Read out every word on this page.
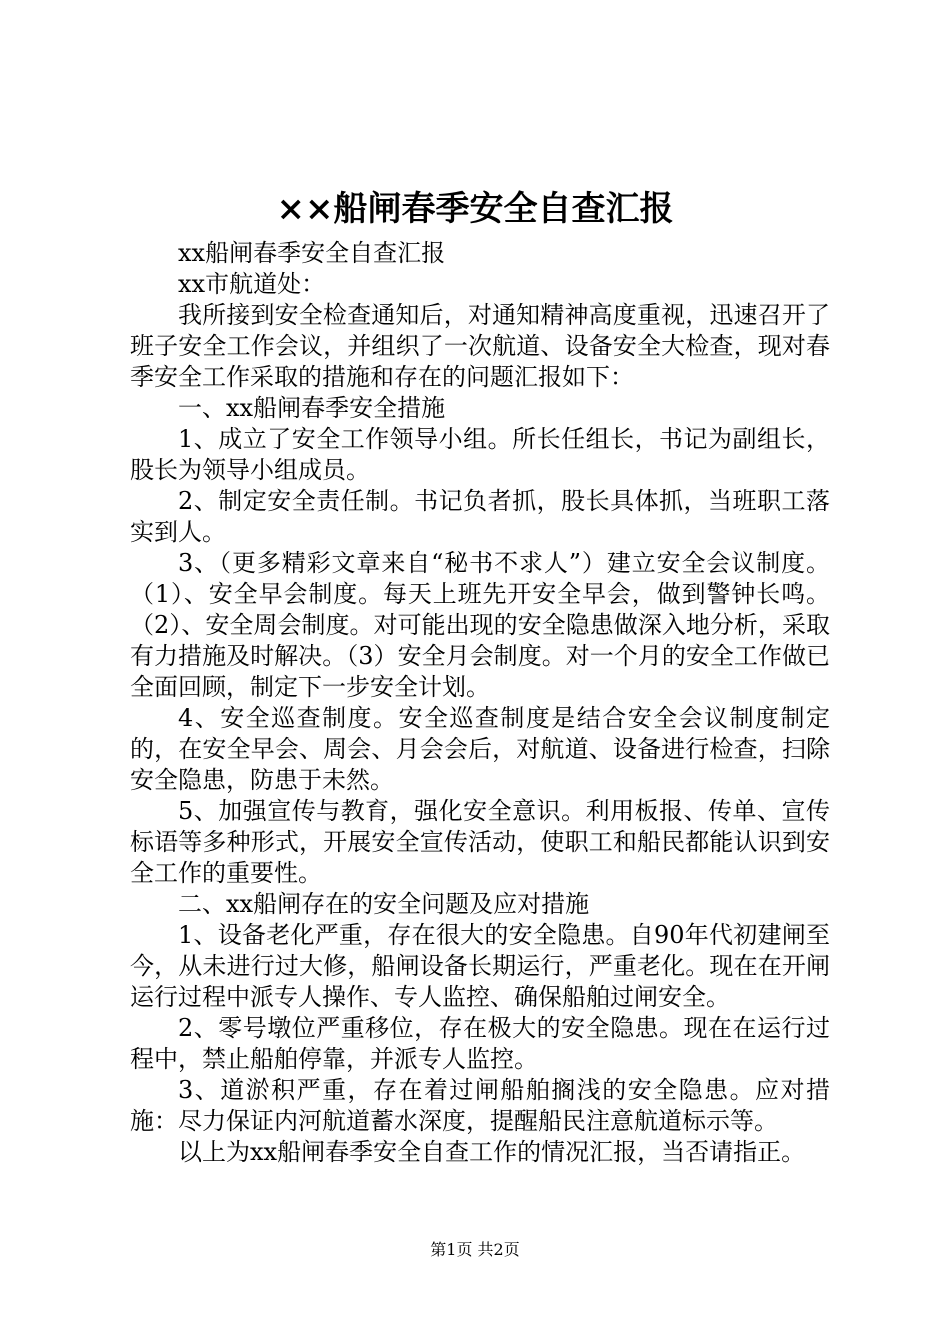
××船闸春季安全自查汇报

xx船闸春季安全自查汇报

xx市航道处：

我所接到安全检查通知后，对通知精神高度重视，迅速召开了班子安全工作会议，并组织了一次航道、设备安全大检查，现对春季安全工作采取的措施和存在的问题汇报如下：

一、xx船闸春季安全措施

1、成立了安全工作领导小组。所长任组长，书记为副组长，股长为领导小组成员。

2、制定安全责任制。书记负者抓，股长具体抓，当班职工落实到人。

3、（更多精彩文章来自“秘书不求人”）建立安全会议制度。（1）、安全早会制度。每天上班先开安全早会，做到警钟长鸣。（2）、安全周会制度。对可能出现的安全隐患做深入地分析，采取有力措施及时解决。（3）安全月会制度。对一个月的安全工作做已全面回顾，制定下一步安全计划。

4、安全巡查制度。安全巡查制度是结合安全会议制度制定的，在安全早会、周会、月会会后，对航道、设备进行检查，扫除安全隐患，防患于未然。

5、加强宣传与教育，强化安全意识。利用板报、传单、宣传标语等多种形式，开展安全宣传活动，使职工和船民都能认识到安全工作的重要性。

二、xx船闸存在的安全问题及应对措施

1、设备老化严重，存在很大的安全隐患。自90年代初建闸至今，从未进行过大修，船闸设备长期运行，严重老化。现在在开闸运行过程中派专人操作、专人监控、确保船舶过闸安全。

2、零号墩位严重移位，存在极大的安全隐患。现在在运行过程中，禁止船舶停靠，并派专人监控。

3、道淤积严重，存在着过闸船舶搁浅的安全隐患。应对措施：尽力保证内河航道蓄水深度，提醒船民注意航道标示等。

以上为xx船闸春季安全自查工作的情况汇报，当否请指正。

第1页 共2页
